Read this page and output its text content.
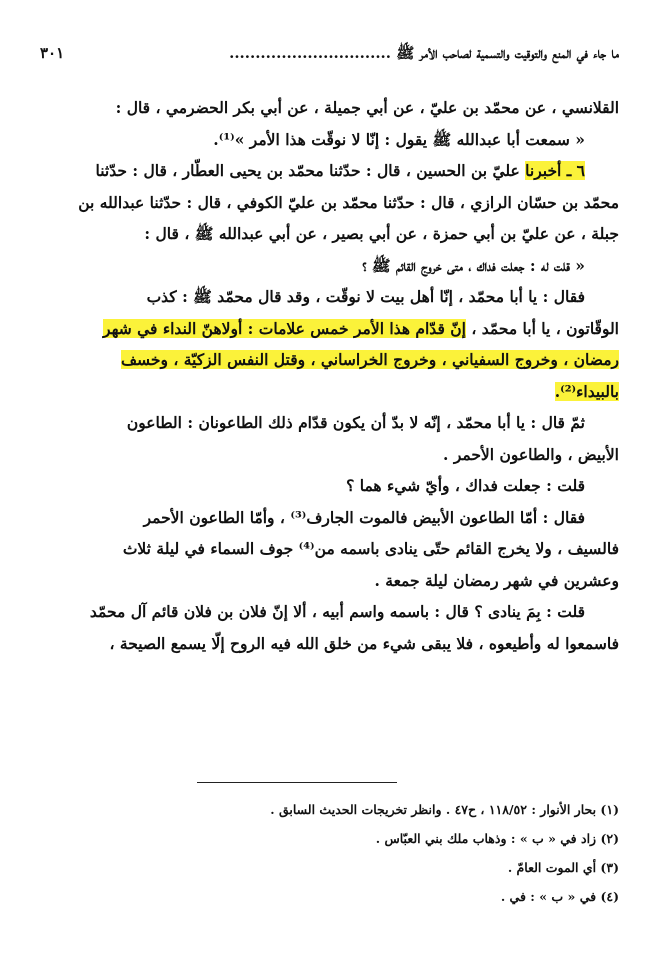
ما جاء في المنع والتوقيت والتسمية لصاحب الأمر ﷺ ...............................
٣٠١

القلانسي ، عن محمّد بن عليّ ، عن أبي جميلة ، عن أبي بكر الحضرمي ، قال :

« سمعت أبا عبدالله ﷺ يقول : إنّا لا نوقّت هذا الأمر »⁽¹⁾.

٦ ـ أخبرنا عليّ بن الحسين ، قال : حدّثنا محمّد بن يحيى العطّار ، قال : حدّثنا

محمّد بن حسّان الرازي ، قال : حدّثنا محمّد بن عليّ الكوفي ، قال : حدّثنا عبدالله بن

جبلة ، عن عليّ بن أبي حمزة ، عن أبي بصير ، عن أبي عبدالله ﷺ ، قال :

« قلت له : جعلت فداك ، متى خروج القائم ﷺ ؟

فقال : يا أبا محمّد ، إنّا أهل بيت لا نوقّت ، وقد قال محمّد ﷺ : كذب

الوقّاتون ، يا أبا محمّد ، إنّ قدّام هذا الأمر خمس علامات : أولاهنّ النداء في شهر

رمضان ، وخروج السفياني ، وخروج الخراساني ، وقتل النفس الزكيّة ، وخسف

بالبيداء⁽²⁾.

ثمّ قال : يا أبا محمّد ، إنّه لا بدّ أن يكون قدّام ذلك الطاعونان : الطاعون

الأبيض ، والطاعون الأحمر .

قلت : جعلت فداك ، وأيّ شيء هما ؟

فقال : أمّا الطاعون الأبيض فالموت الجارف⁽³⁾ ، وأمّا الطاعون الأحمر

فالسيف ، ولا يخرج القائم حتّى ينادى باسمه من⁽⁴⁾ جوف السماء في ليلة ثلاث

وعشرين في شهر رمضان ليلة جمعة .

قلت : بِمَ ينادى ؟ قال : باسمه واسم أبيه ، ألا إنّ فلان بن فلان قائم آل محمّد

فاسمعوا له وأطيعوه ، فلا يبقى شيء من خلق الله فيه الروح إلّا يسمع الصيحة ،

(١) بحار الأنوار : ١١٨/٥٢ ، ح٤٧ . وانظر تخريجات الحديث السابق .
(٢) زاد في « ب » : وذهاب ملك بني العبّاس .
(٣) أي الموت العامّ .
(٤) في « ب » : في .
